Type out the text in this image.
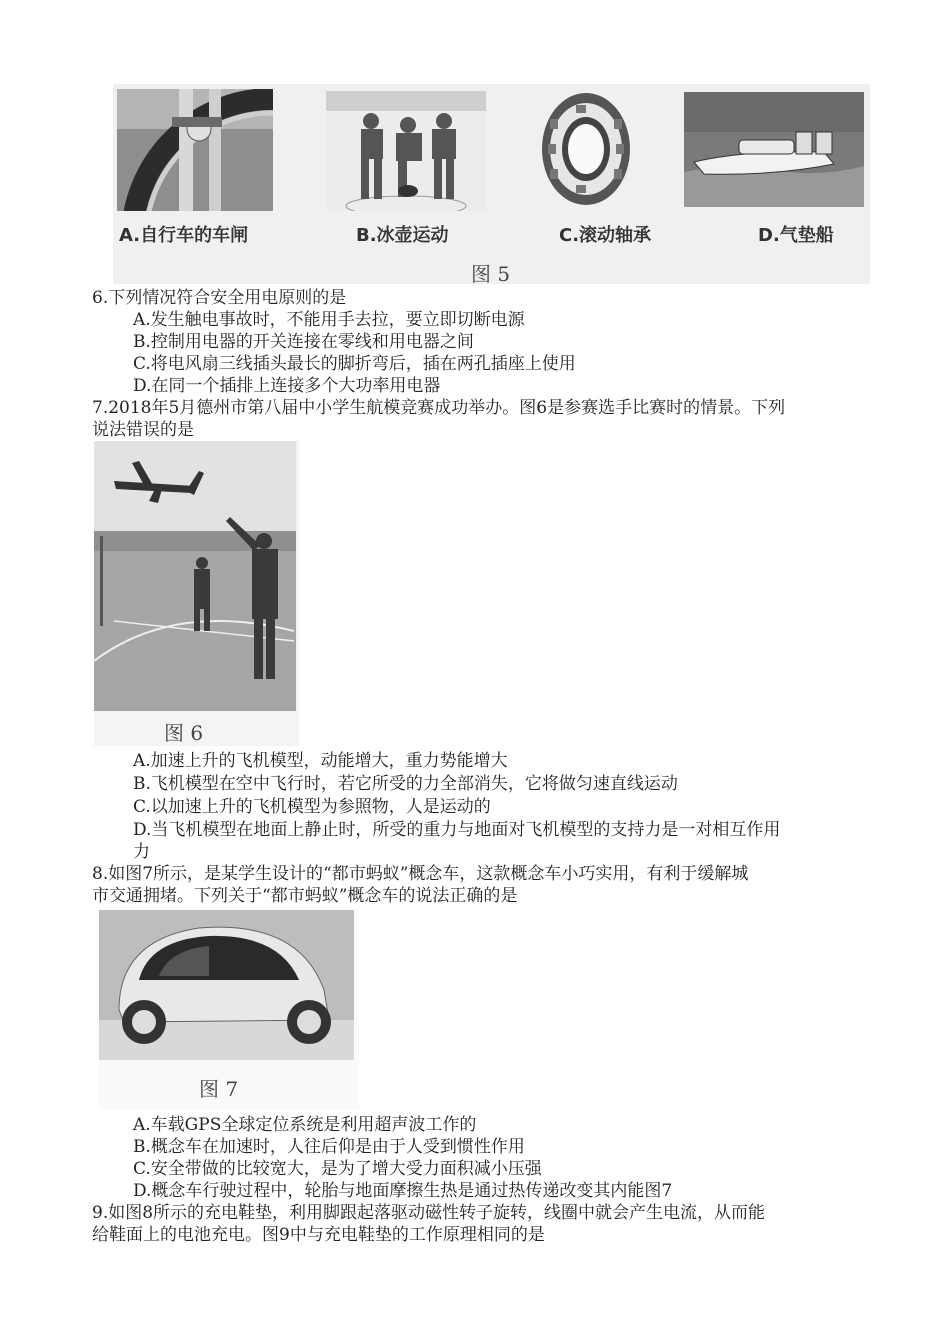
A.自行车的车闸	B.冰壶运动	C.滚动轴承	D.气垫船
图 5
6.下列情况符合安全用电原则的是
A.发生触电事故时，不能用手去拉，要立即切断电源
B.控制用电器的开关连接在零线和用电器之间
C.将电风扇三线插头最长的脚折弯后，插在两孔插座上使用
D.在同一个插排上连接多个大功率用电器
7.2018年5月德州市第八届中小学生航模竞赛成功举办。图6是参赛选手比赛时的情景。下列
说法错误的是
图 6
A.加速上升的飞机模型，动能增大，重力势能增大
B.飞机模型在空中飞行时，若它所受的力全部消失，它将做匀速直线运动
C.以加速上升的飞机模型为参照物，人是运动的
D.当飞机模型在地面上静止时，所受的重力与地面对飞机模型的支持力是一对相互作用
力
8.如图7所示，是某学生设计的“都市蚂蚁”概念车，这款概念车小巧实用，有利于缓解城
市交通拥堵。下列关于“都市蚂蚁”概念车的说法正确的是
图 7
A.车载GPS全球定位系统是利用超声波工作的
B.概念车在加速时，人往后仰是由于人受到惯性作用
C.安全带做的比较宽大，是为了增大受力面积减小压强
D.概念车行驶过程中，轮胎与地面摩擦生热是通过热传递改变其内能图7
9.如图8所示的充电鞋垫，利用脚跟起落驱动磁性转子旋转，线圈中就会产生电流，从而能
给鞋面上的电池充电。图9中与充电鞋垫的工作原理相同的是
